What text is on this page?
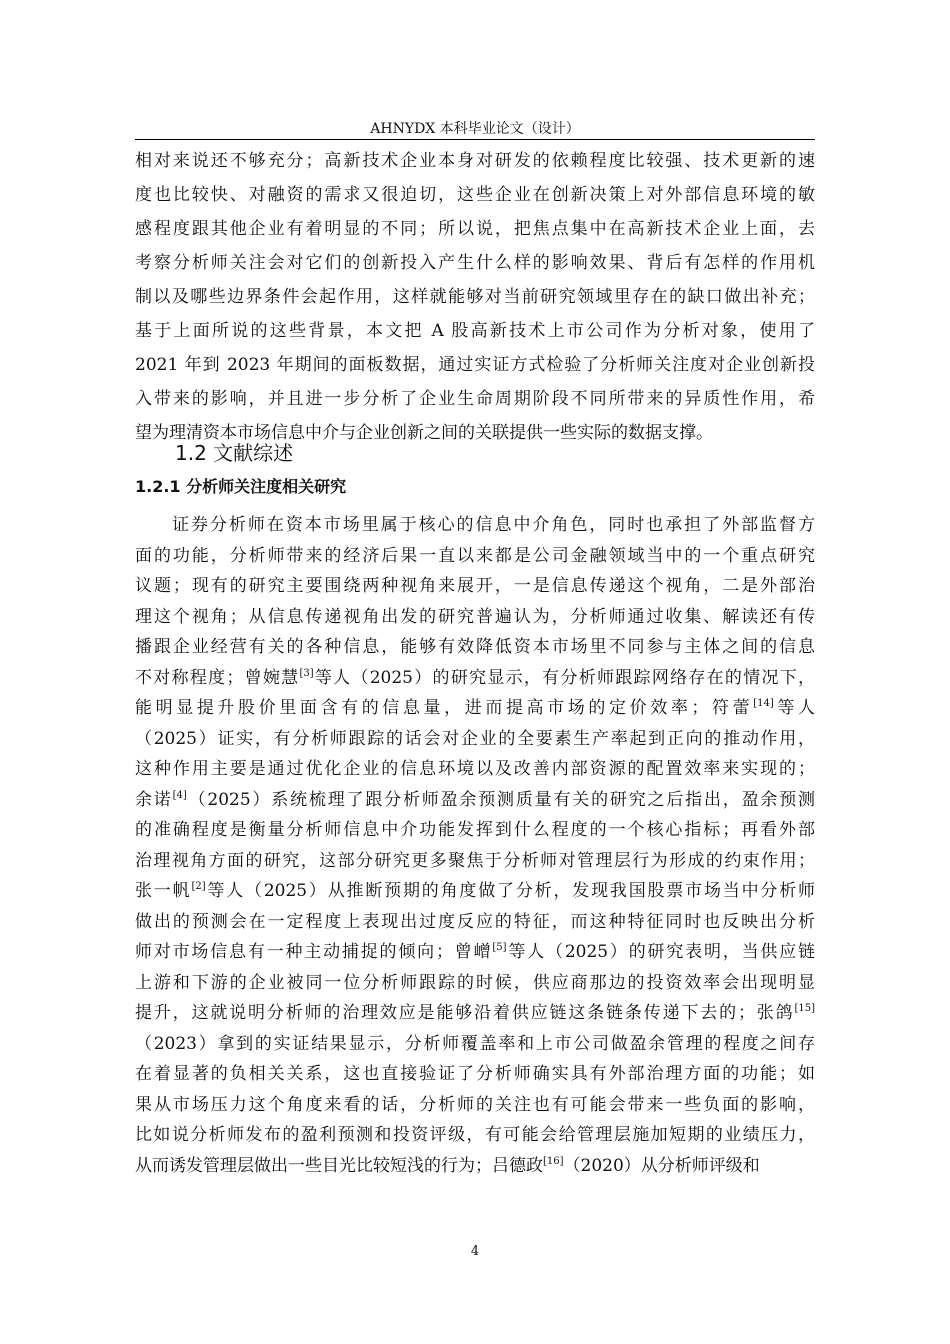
AHNYDX 本科毕业论文（设计）
相对来说还不够充分；高新技术企业本身对研发的依赖程度比较强、技术更新的速
度也比较快、对融资的需求又很迫切，这些企业在创新决策上对外部信息环境的敏
感程度跟其他企业有着明显的不同；所以说，把焦点集中在高新技术企业上面，去
考察分析师关注会对它们的创新投入产生什么样的影响效果、背后有怎样的作用机
制以及哪些边界条件会起作用，这样就能够对当前研究领域里存在的缺口做出补充；
基于上面所说的这些背景，本文把 A 股高新技术上市公司作为分析对象，使用了
2021 年到 2023 年期间的面板数据，通过实证方式检验了分析师关注度对企业创新投
入带来的影响，并且进一步分析了企业生命周期阶段不同所带来的异质性作用，希
望为理清资本市场信息中介与企业创新之间的关联提供一些实际的数据支撑。
1.2 文献综述
1.2.1 分析师关注度相关研究
证券分析师在资本市场里属于核心的信息中介角色，同时也承担了外部监督方
面的功能，分析师带来的经济后果一直以来都是公司金融领域当中的一个重点研究
议题；现有的研究主要围绕两种视角来展开，一是信息传递这个视角，二是外部治
理这个视角；从信息传递视角出发的研究普遍认为，分析师通过收集、解读还有传
播跟企业经营有关的各种信息，能够有效降低资本市场里不同参与主体之间的信息
不对称程度；曾婉慧[3]等人（2025）的研究显示，有分析师跟踪网络存在的情况下，
能明显提升股价里面含有的信息量，进而提高市场的定价效率；符蕾[14]等人
（2025）证实，有分析师跟踪的话会对企业的全要素生产率起到正向的推动作用，
这种作用主要是通过优化企业的信息环境以及改善内部资源的配置效率来实现的；
余诺[4]（2025）系统梳理了跟分析师盈余预测质量有关的研究之后指出，盈余预测
的准确程度是衡量分析师信息中介功能发挥到什么程度的一个核心指标；再看外部
治理视角方面的研究，这部分研究更多聚焦于分析师对管理层行为形成的约束作用；
张一帆[2]等人（2025）从推断预期的角度做了分析，发现我国股票市场当中分析师
做出的预测会在一定程度上表现出过度反应的特征，而这种特征同时也反映出分析
师对市场信息有一种主动捕捉的倾向；曾嶒[5]等人（2025）的研究表明，当供应链
上游和下游的企业被同一位分析师跟踪的时候，供应商那边的投资效率会出现明显
提升，这就说明分析师的治理效应是能够沿着供应链这条链条传递下去的；张鸽[15]
（2023）拿到的实证结果显示，分析师覆盖率和上市公司做盈余管理的程度之间存
在着显著的负相关关系，这也直接验证了分析师确实具有外部治理方面的功能；如
果从市场压力这个角度来看的话，分析师的关注也有可能会带来一些负面的影响，
比如说分析师发布的盈利预测和投资评级，有可能会给管理层施加短期的业绩压力，
从而诱发管理层做出一些目光比较短浅的行为；吕德政[16]（2020）从分析师评级和
4
